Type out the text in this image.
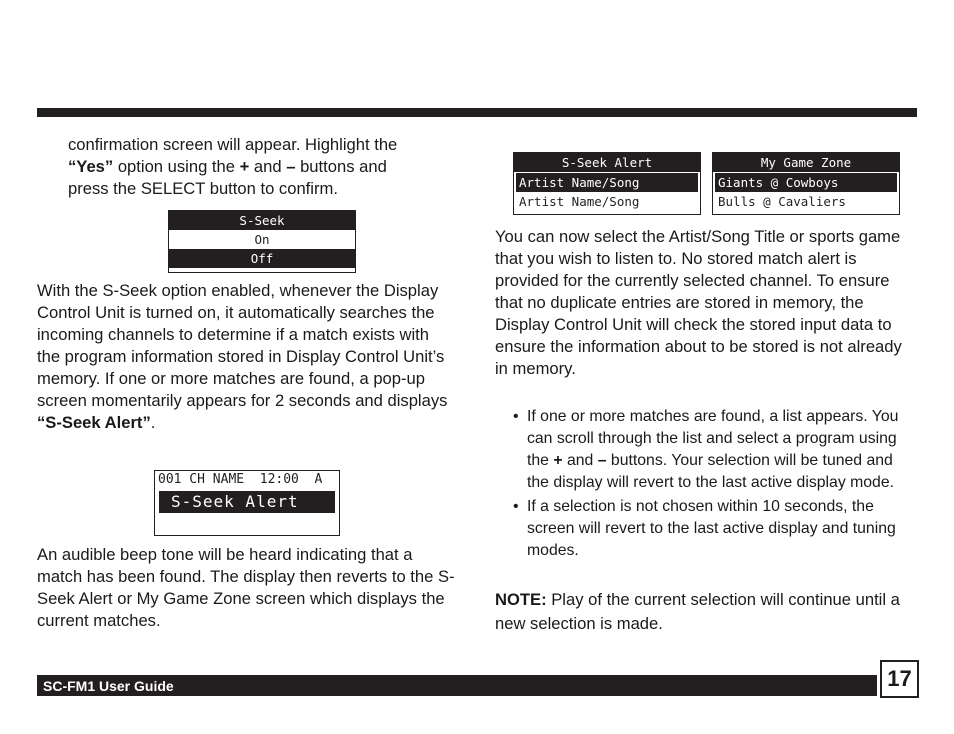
confirmation screen will appear. Highlight the “Yes” option using the + and – buttons and press the SELECT button to confirm.

S-Seek
On
Off

With the S-Seek option enabled, whenever the Display Control Unit is turned on, it automatically searches the incoming channels to determine if a match exists with the program information stored in Display Control Unit’s memory. If one or more matches are found, a pop-up screen momentarily appears for 2 seconds and displays “S-Seek Alert”.

001 CH NAME  12:00  A
S-Seek Alert

An audible beep tone will be heard indicating that a match has been found. The display then reverts to the S-Seek Alert or My Game Zone screen which displays the current matches.

S-Seek Alert
Artist Name/Song
Artist Name/Song
My Game Zone
Giants @ Cowboys
Bulls @ Cavaliers

You can now select the Artist/Song Title or sports game that you wish to listen to. No stored match alert is provided for the currently selected channel. To ensure that no duplicate entries are stored in memory, the Display Control Unit will check the stored input data to ensure the information about to be stored is not already in memory.

• If one or more matches are found, a list appears. You can scroll through the list and select a program using the + and – buttons. Your selection will be tuned and the display will revert to the last active display mode.
• If a selection is not chosen within 10 seconds, the screen will revert to the last active display and tuning modes.

NOTE: Play of the current selection will continue until a new selection is made.

SC-FM1 User Guide	17
